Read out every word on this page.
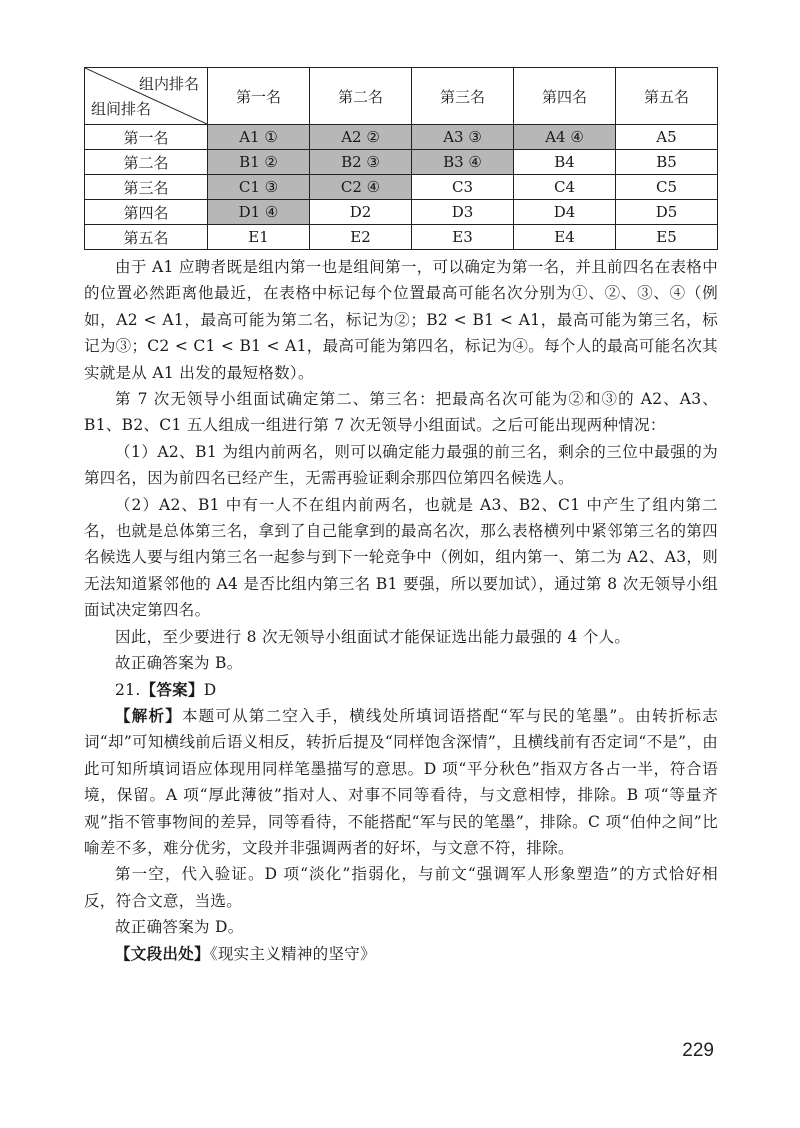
组内排名
组间排名	第一名	第二名	第三名	第四名	第五名
第一名	A1 ①	A2 ②	A3 ③	A4 ④	A5
第二名	B1 ②	B2 ③	B3 ④	B4	B5
第三名	C1 ③	C2 ④	C3	C4	C5
第四名	D1 ④	D2	D3	D4	D5
第五名	E1	E2	E3	E4	E5

由于 A1 应聘者既是组内第一也是组间第一，可以确定为第一名，并且前四名在表格中的位置必然距离他最近，在表格中标记每个位置最高可能名次分别为①、②、③、④（例如，A2 < A1，最高可能为第二名，标记为②；B2 < B1 < A1，最高可能为第三名，标记为③；C2 < C1 < B1 < A1，最高可能为第四名，标记为④。每个人的最高可能名次其实就是从 A1 出发的最短格数）。

第 7 次无领导小组面试确定第二、第三名：把最高名次可能为②和③的 A2、A3、B1、B2、C1 五人组成一组进行第 7 次无领导小组面试。之后可能出现两种情况：

（1）A2、B1 为组内前两名，则可以确定能力最强的前三名，剩余的三位中最强的为第四名，因为前四名已经产生，无需再验证剩余那四位第四名候选人。

（2）A2、B1 中有一人不在组内前两名，也就是 A3、B2、C1 中产生了组内第二名，也就是总体第三名，拿到了自己能拿到的最高名次，那么表格横列中紧邻第三名的第四名候选人要与组内第三名一起参与到下一轮竞争中（例如，组内第一、第二为 A2、A3，则无法知道紧邻他的 A4 是否比组内第三名 B1 要强，所以要加试），通过第 8 次无领导小组面试决定第四名。

因此，至少要进行 8 次无领导小组面试才能保证选出能力最强的 4 个人。

故正确答案为 B。

21.【答案】D

【解析】本题可从第二空入手，横线处所填词语搭配“军与民的笔墨”。由转折标志词“却”可知横线前后语义相反，转折后提及“同样饱含深情”，且横线前有否定词“不是”，由此可知所填词语应体现用同样笔墨描写的意思。D 项“平分秋色”指双方各占一半，符合语境，保留。A 项“厚此薄彼”指对人、对事不同等看待，与文意相悖，排除。B 项“等量齐观”指不管事物间的差异，同等看待，不能搭配“军与民的笔墨”，排除。C 项“伯仲之间”比喻差不多，难分优劣，文段并非强调两者的好坏，与文意不符，排除。

第一空，代入验证。D 项“淡化”指弱化，与前文“强调军人形象塑造”的方式恰好相反，符合文意，当选。

故正确答案为 D。

【文段出处】《现实主义精神的坚守》

229
